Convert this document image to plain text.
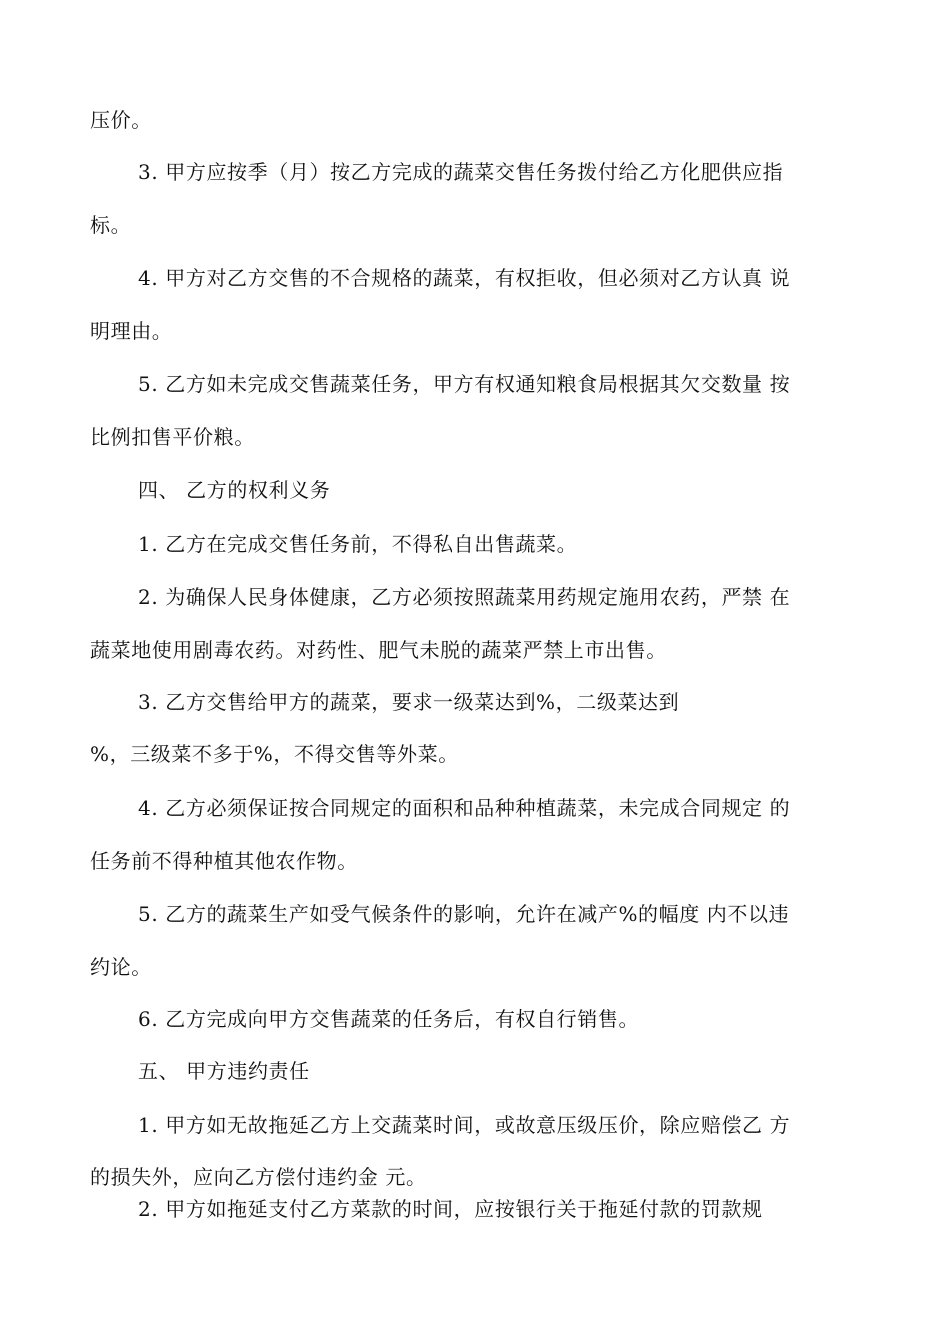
压价。
3. 甲方应按季（月）按乙方完成的蔬菜交售任务拨付给乙方化肥供应指
标。
4. 甲方对乙方交售的不合规格的蔬菜，有权拒收，但必须对乙方认真 说
明理由。
5. 乙方如未完成交售蔬菜任务，甲方有权通知粮食局根据其欠交数量 按
比例扣售平价粮。
四、 乙方的权利义务
1. 乙方在完成交售任务前，不得私自出售蔬菜。
2. 为确保人民身体健康，乙方必须按照蔬菜用药规定施用农药，严禁 在
蔬菜地使用剧毒农药。对药性、肥气未脱的蔬菜严禁上市出售。
3. 乙方交售给甲方的蔬菜，要求一级菜达到%，二级菜达到
%，三级菜不多于%，不得交售等外菜。
4. 乙方必须保证按合同规定的面积和品种种植蔬菜，未完成合同规定 的
任务前不得种植其他农作物。
5. 乙方的蔬菜生产如受气候条件的影响，允许在减产%的幅度 内不以违
约论。
6. 乙方完成向甲方交售蔬菜的任务后，有权自行销售。
五、 甲方违约责任
1. 甲方如无故拖延乙方上交蔬菜时间，或故意压级压价，除应赔偿乙 方
的损失外，应向乙方偿付违约金 元。
2. 甲方如拖延支付乙方菜款的时间，应按银行关于拖延付款的罚款规
